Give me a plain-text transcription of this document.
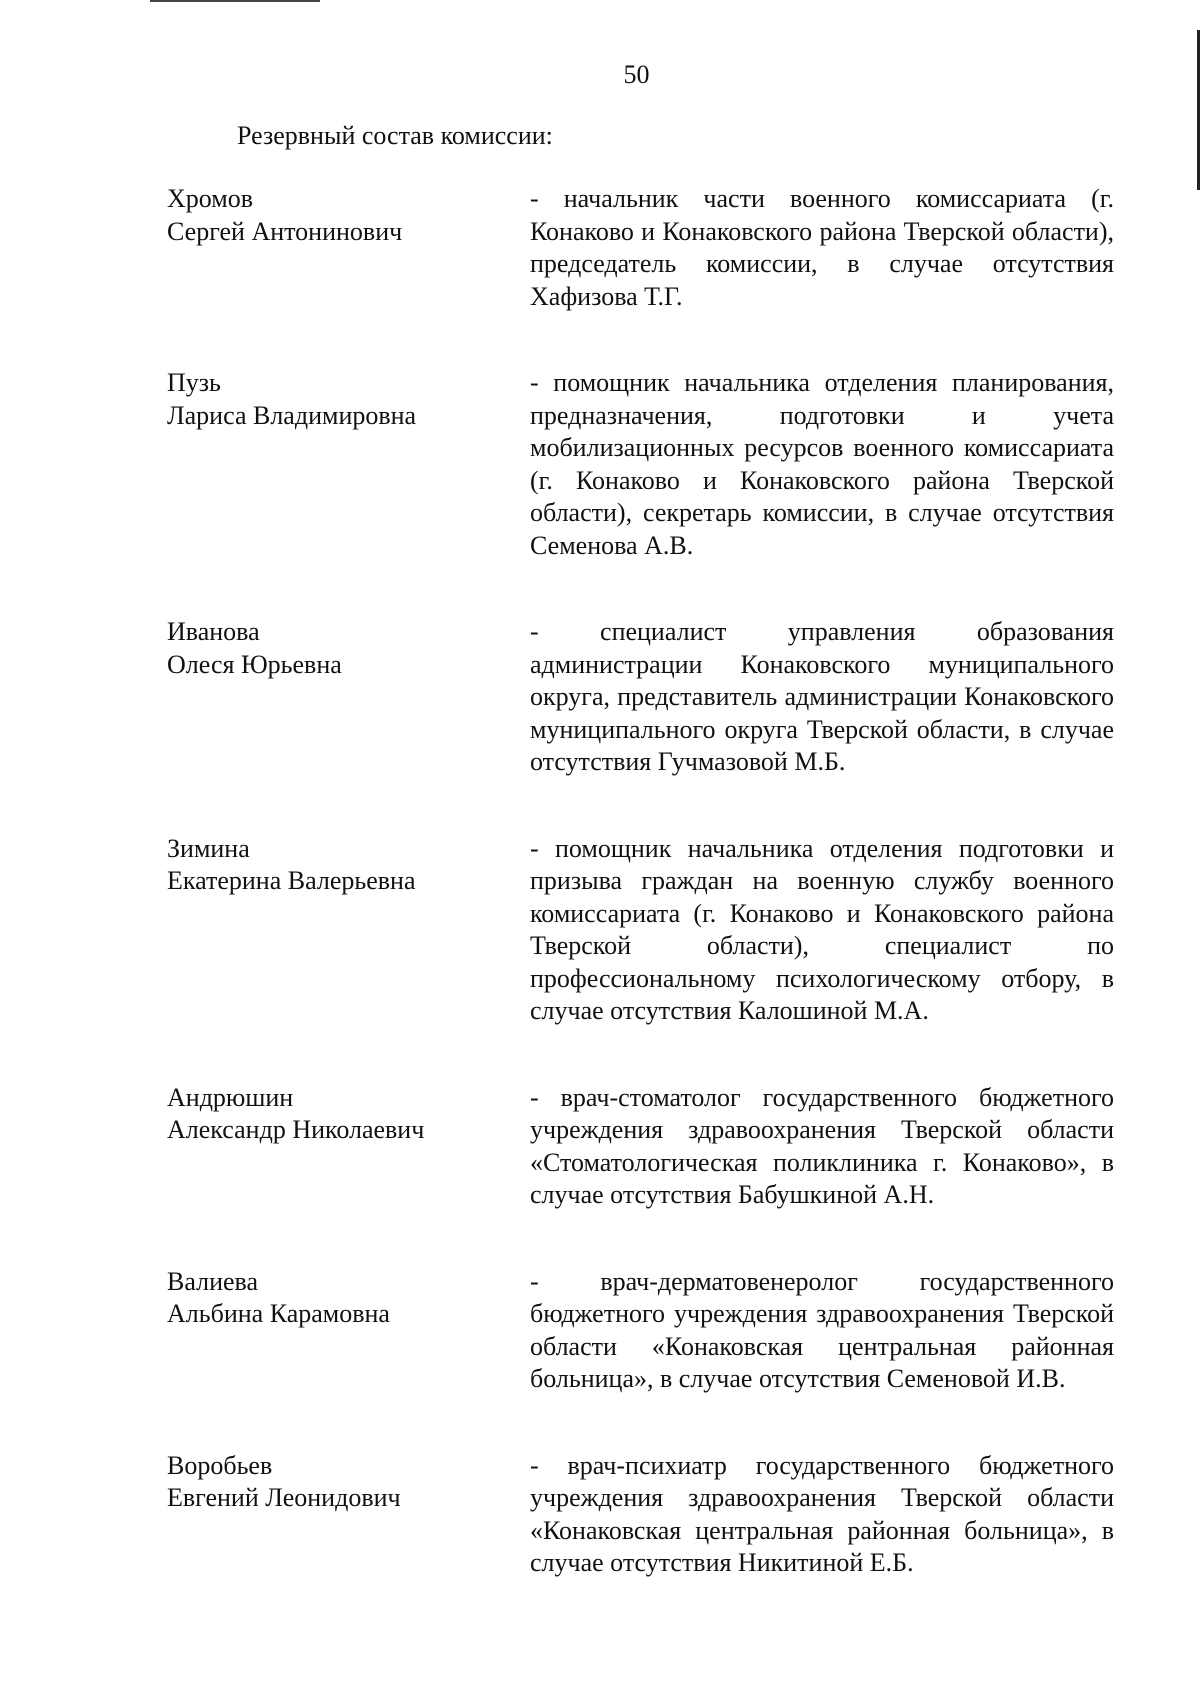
50
Резервный состав комиссии:
Хромов
Сергей Антонинович
- начальник части военного комиссариата (г. Конаково и Конаковского района Тверской области), председатель комиссии, в случае отсутствия Хафизова Т.Г.
Пузь
Лариса Владимировна
- помощник начальника отделения планирования, предназначения, подготовки и учета мобилизационных ресурсов военного комиссариата (г. Конаково и Конаковского района Тверской области), секретарь комиссии, в случае отсутствия Семенова А.В.
Иванова
Олеся Юрьевна
- специалист управления образования администрации Конаковского муниципального округа, представитель администрации Конаковского муниципального округа Тверской области, в случае отсутствия Гучмазовой М.Б.
Зимина
Екатерина Валерьевна
- помощник начальника отделения подготовки и призыва граждан на военную службу военного комиссариата (г. Конаково и Конаковского района Тверской области), специалист по профессиональному психологическому отбору, в случае отсутствия Калошиной М.А.
Андрюшин
Александр Николаевич
- врач-стоматолог государственного бюджетного учреждения здравоохранения Тверской области «Стоматологическая поликлиника г. Конаково», в случае отсутствия Бабушкиной А.Н.
Валиева
Альбина Карамовна
- врач-дерматовенеролог государственного бюджетного учреждения здравоохранения Тверской области «Конаковская центральная районная больница», в случае отсутствия Семеновой И.В.
Воробьев
Евгений Леонидович
- врач-психиатр государственного бюджетного учреждения здравоохранения Тверской области «Конаковская центральная районная больница», в случае отсутствия Никитиной Е.Б.
